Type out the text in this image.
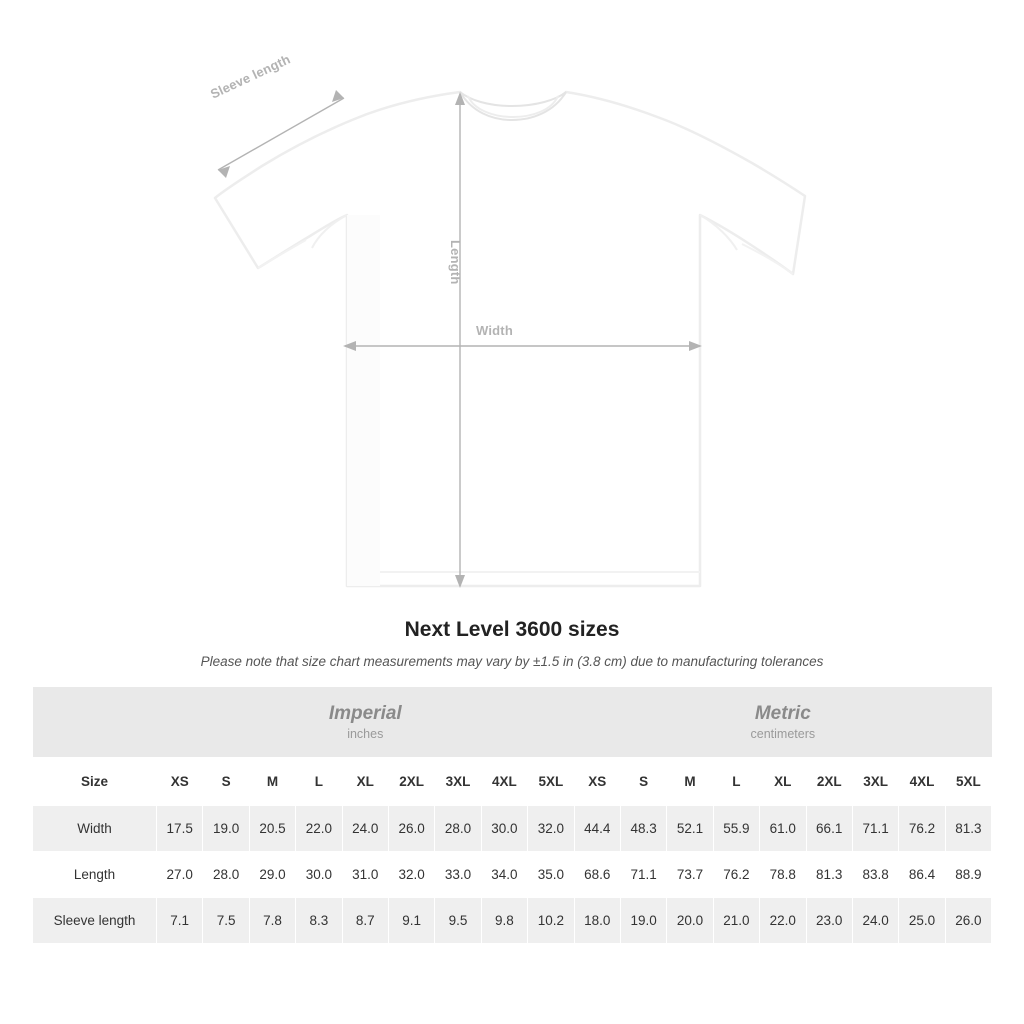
Sleeve length
Length
Width
Next Level 3600 sizes

Please note that size chart measurements may vary by ±1.5 in (3.8 cm) due to manufacturing tolerances

	Imperial									Metric								
	inches									centimeters								
Size	XS	S	M	L	XL	2XL	3XL	4XL	5XL	XS	S	M	L	XL	2XL	3XL	4XL	5XL
Width	17.5	19.0	20.5	22.0	24.0	26.0	28.0	30.0	32.0	44.4	48.3	52.1	55.9	61.0	66.1	71.1	76.2	81.3
Length	27.0	28.0	29.0	30.0	31.0	32.0	33.0	34.0	35.0	68.6	71.1	73.7	76.2	78.8	81.3	83.8	86.4	88.9
Sleeve length	7.1	7.5	7.8	8.3	8.7	9.1	9.5	9.8	10.2	18.0	19.0	20.0	21.0	22.0	23.0	24.0	25.0	26.0
